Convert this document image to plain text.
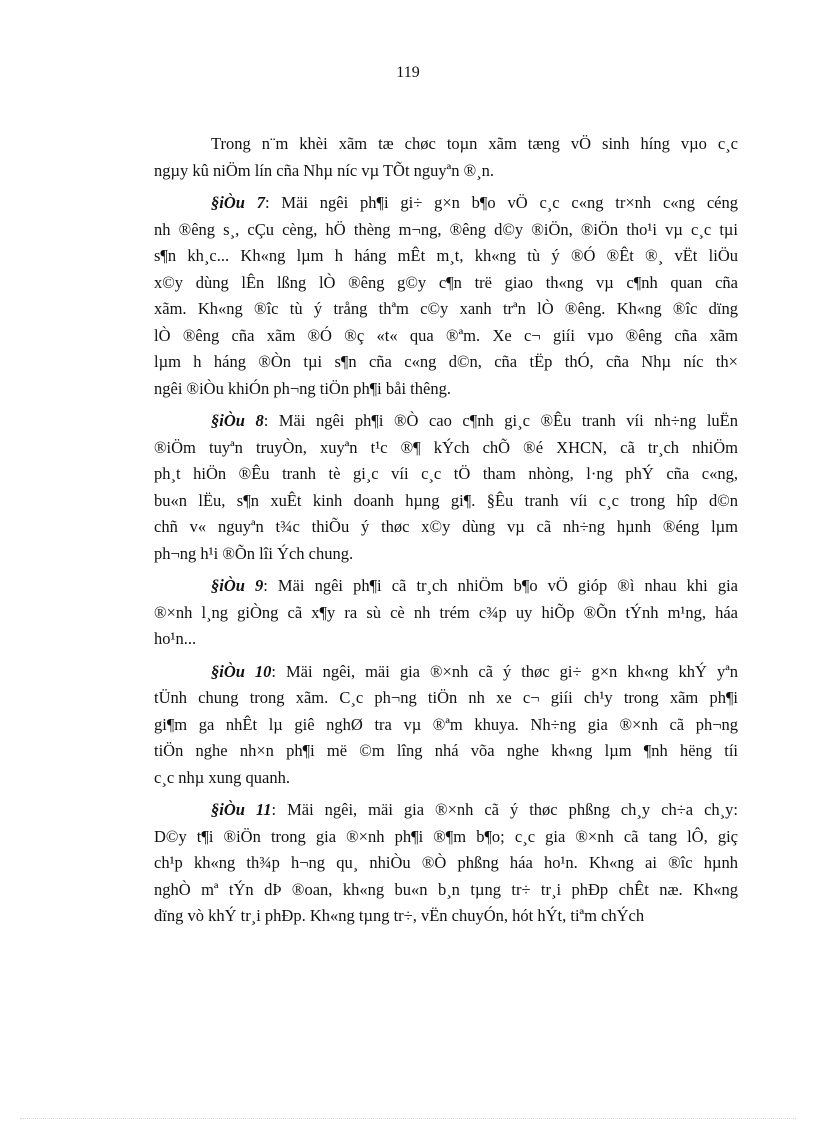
119
Trong n¨m khèi xãm tæ chøc toµn xãm tæng vÖ sinh híng vµo c¸c
ngµy kû niÖm lín cña Nhµ níc vµ TÕt nguyªn ®¸n.
§iÒu 7: Mäi ngêi ph¶i gi÷ g×n b¶o vÖ c¸c c«ng tr×nh c«ng céng
nh ®êng s¸, cÇu cèng, hÖ thèng m¬ng, ®êng d©y ®iÖn, ®iÖn tho¹i vµ c¸c tµi
s¶n kh¸c... Kh«ng lµm h háng mÊt m¸t, kh«ng tù ý ®Ó ®Êt ®¸ vËt liÖu
x©y dùng lÊn lßng lÒ ®êng g©y c¶n trë giao th«ng vµ c¶nh quan cña
xãm. Kh«ng ®îc tù ý trång thªm c©y xanh trªn lÒ ®êng. Kh«ng ®îc dïng
lÒ ®êng cña xãm ®Ó ®ç «t« qua ®ªm. Xe c¬ giíi vµo ®êng cña xãm
lµm h háng ®Òn tµi s¶n cña c«ng d©n, cña tËp thÓ, cña Nhµ níc th×
ngêi ®iÒu khiÓn ph¬ng tiÖn ph¶i båi thêng.
§iÒu 8: Mäi ngêi ph¶i ®Ò cao c¶nh gi¸c ®Êu tranh víi nh÷ng luËn
®iÖm tuyªn truyÒn, xuyªn t¹c ®¶ kÝch chÕ ®é XHCN, cã tr¸ch nhiÖm
ph¸t hiÖn ®Êu tranh tè gi¸c víi c¸c tÖ tham nhòng, l·ng phÝ cña c«ng,
bu«n lËu, s¶n xuÊt kinh doanh hµng gi¶. §Êu tranh víi c¸c trong hîp d©n
chñ v« nguyªn t¾c thiÕu ý thøc x©y dùng vµ cã nh÷ng hµnh ®éng lµm
ph¬ng h¹i ®Õn lîi Ých chung.
§iÒu 9: Mäi ngêi ph¶i cã tr¸ch nhiÖm b¶o vÖ gióp ®ì nhau khi gia
®×nh l¸ng giÒng cã x¶y ra sù cè nh trém c¾p uy hiÕp ®Õn tÝnh m¹ng, háa
ho¹n...
§iÒu 10: Mäi ngêi, mäi gia ®×nh cã ý thøc gi÷ g×n kh«ng khÝ yªn
tÜnh chung trong xãm. C¸c ph¬ng tiÖn nh xe c¬ giíi ch¹y trong xãm ph¶i
gi¶m ga nhÊt lµ giê nghØ tra vµ ®ªm khuya. Nh÷ng gia ®×nh cã ph¬ng
tiÖn nghe nh×n ph¶i më ©m lîng nhá võa nghe kh«ng lµm ¶nh hëng tíi
c¸c nhµ xung quanh.
§iÒu 11: Mäi ngêi, mäi gia ®×nh cã ý thøc phßng ch¸y ch÷a ch¸y:
D©y t¶i ®iÖn trong gia ®×nh ph¶i ®¶m b¶o; c¸c gia ®×nh cã tang lÔ, giç
ch¹p kh«ng th¾p h¬ng qu¸ nhiÒu ®Ò phßng háa ho¹n. Kh«ng ai ®îc hµnh
nghÒ mª tÝn dÞ ®oan, kh«ng bu«n b¸n tµng tr÷ tr¸i phÐp chÊt næ. Kh«ng
dïng vò khÝ tr¸i phÐp. Kh«ng tµng tr÷, vËn chuyÓn, hót hÝt, tiªm chÝch
